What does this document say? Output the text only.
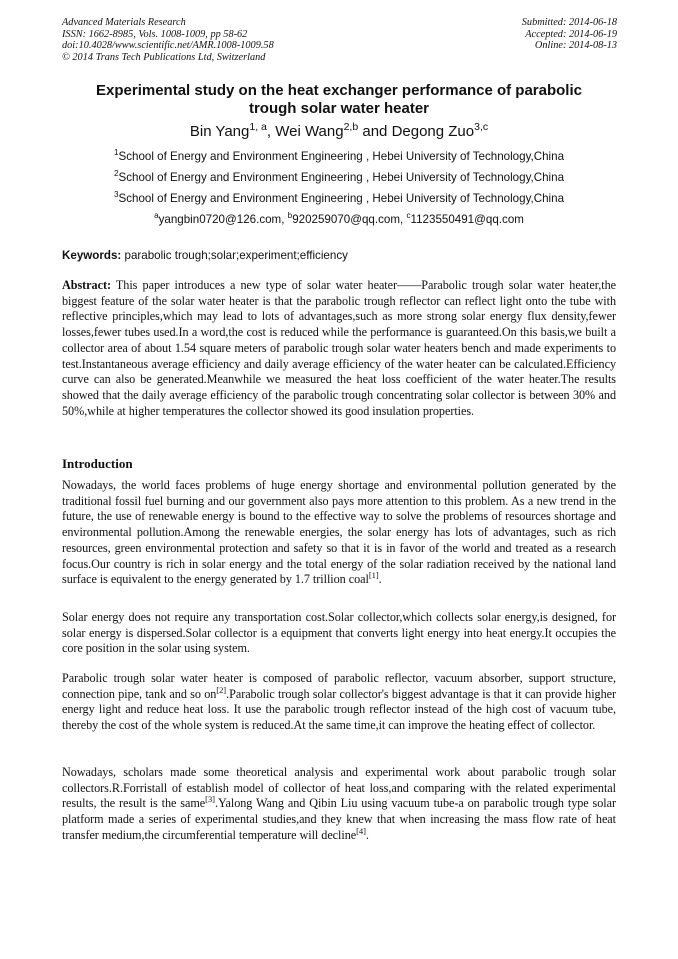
Advanced Materials Research
ISSN: 1662-8985, Vols. 1008-1009, pp 58-62
doi:10.4028/www.scientific.net/AMR.1008-1009.58
© 2014 Trans Tech Publications Ltd, Switzerland
Submitted: 2014-06-18
Accepted: 2014-06-19
Online: 2014-08-13
Experimental study on the heat exchanger performance of parabolic
trough solar water heater
Bin Yang$^{1, a}$, Wei Wang$^{2,b}$ and Degong Zuo$^{3,c}$
$^1$School of Energy and Environment Engineering , Hebei University of Technology,China
$^2$School of Energy and Environment Engineering , Hebei University of Technology,China
$^3$School of Energy and Environment Engineering , Hebei University of Technology,China
$^a$yangbin0720@126.com, $^b$920259070@qq.com, $^c$1123550491@qq.com
Keywords: parabolic trough;solar;experiment;efficiency
Abstract: This paper introduces a new type of solar water heater——Parabolic trough solar water heater,the biggest feature of the solar water heater is that the parabolic trough reflector can reflect light onto the tube with reflective principles,which may lead to lots of advantages,such as more strong solar energy flux density,fewer losses,fewer tubes used.In a word,the cost is reduced while the performance is guaranteed.On this basis,we built a collector area of about 1.54 square meters of parabolic trough solar water heaters bench and made experiments to test.Instantaneous average efficiency and daily average efficiency of the water heater can be calculated.Efficiency curve can also be generated.Meanwhile we measured the heat loss coefficient of the water heater.The results showed that the daily average efficiency of the parabolic trough concentrating solar collector is between 30% and 50%,while at higher temperatures the collector showed its good insulation properties.
Introduction
Nowadays, the world faces problems of huge energy shortage and environmental pollution generated by the traditional fossil fuel burning and our government also pays more attention to this problem. As a new trend in the future, the use of renewable energy is bound to the effective way to solve the problems of resources shortage and environmental pollution.Among the renewable energies, the solar energy has lots of advantages, such as rich resources, green environmental protection and safety so that it is in favor of the world and treated as a research focus.Our country is rich in solar energy and the total energy of the solar radiation received by the national land surface is equivalent to the energy generated by 1.7 trillion coal[1].
Solar energy does not require any transportation cost.Solar collector,which collects solar energy,is designed, for solar energy is dispersed.Solar collector is a equipment that converts light energy into heat energy.It occupies the core position in the solar using system.
Parabolic trough solar water heater is composed of parabolic reflector, vacuum absorber, support structure, connection pipe, tank and so on[2].Parabolic trough solar collector's biggest advantage is that it can provide higher energy light and reduce heat loss. It use the parabolic trough reflector instead of the high cost of vacuum tube, thereby the cost of the whole system is reduced.At the same time,it can improve the heating effect of collector.
Nowadays, scholars made some theoretical analysis and experimental work about parabolic trough solar collectors.R.Forristall of establish model of collector of heat loss,and comparing with the related experimental results, the result is the same[3].Yalong Wang and Qibin Liu using vacuum tube-a on parabolic trough type solar platform made a series of experimental studies,and they knew that when increasing the mass flow rate of heat transfer medium,the circumferential temperature will decline[4].
